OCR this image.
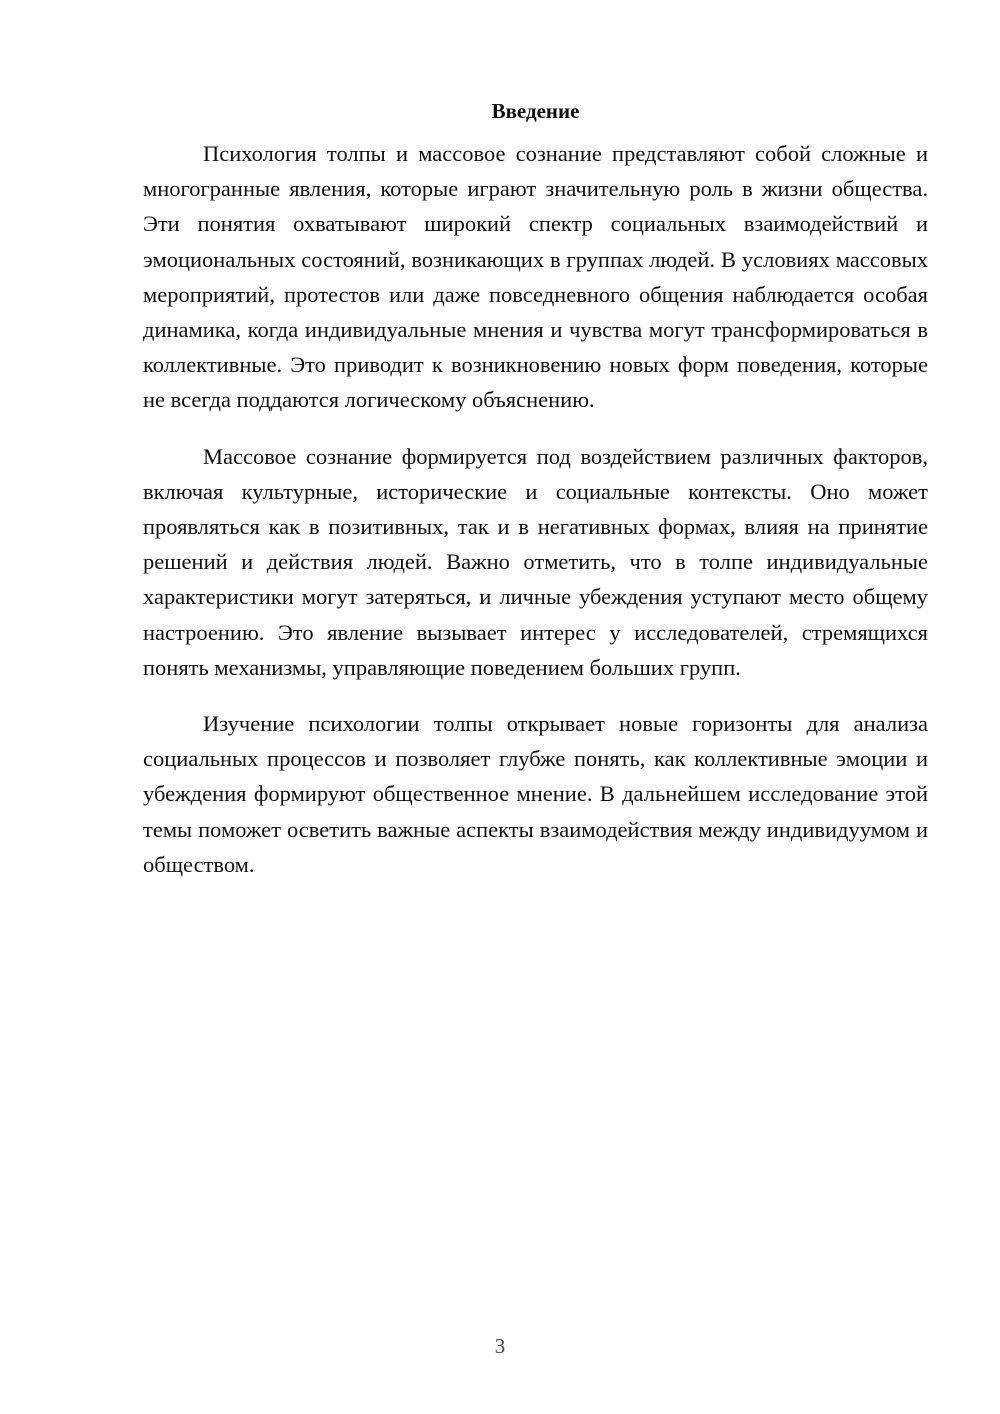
Введение

Психология толпы и массовое сознание представляют собой сложные и многогранные явления, которые играют значительную роль в жизни общества. Эти понятия охватывают широкий спектр социальных взаимодействий и эмоциональных состояний, возникающих в группах людей. В условиях массовых мероприятий, протестов или даже повседневного общения наблюдается особая динамика, когда индивидуальные мнения и чувства могут трансформироваться в коллективные. Это приводит к возникновению новых форм поведения, которые не всегда поддаются логическому объяснению.

Массовое сознание формируется под воздействием различных факторов, включая культурные, исторические и социальные контексты. Оно может проявляться как в позитивных, так и в негативных формах, влияя на принятие решений и действия людей. Важно отметить, что в толпе индивидуальные характеристики могут затеряться, и личные убеждения уступают место общему настроению. Это явление вызывает интерес у исследователей, стремящихся понять механизмы, управляющие поведением больших групп.

Изучение психологии толпы открывает новые горизонты для анализа социальных процессов и позволяет глубже понять, как коллективные эмоции и убеждения формируют общественное мнение. В дальнейшем исследование этой темы поможет осветить важные аспекты взаимодействия между индивидуумом и обществом.

3
